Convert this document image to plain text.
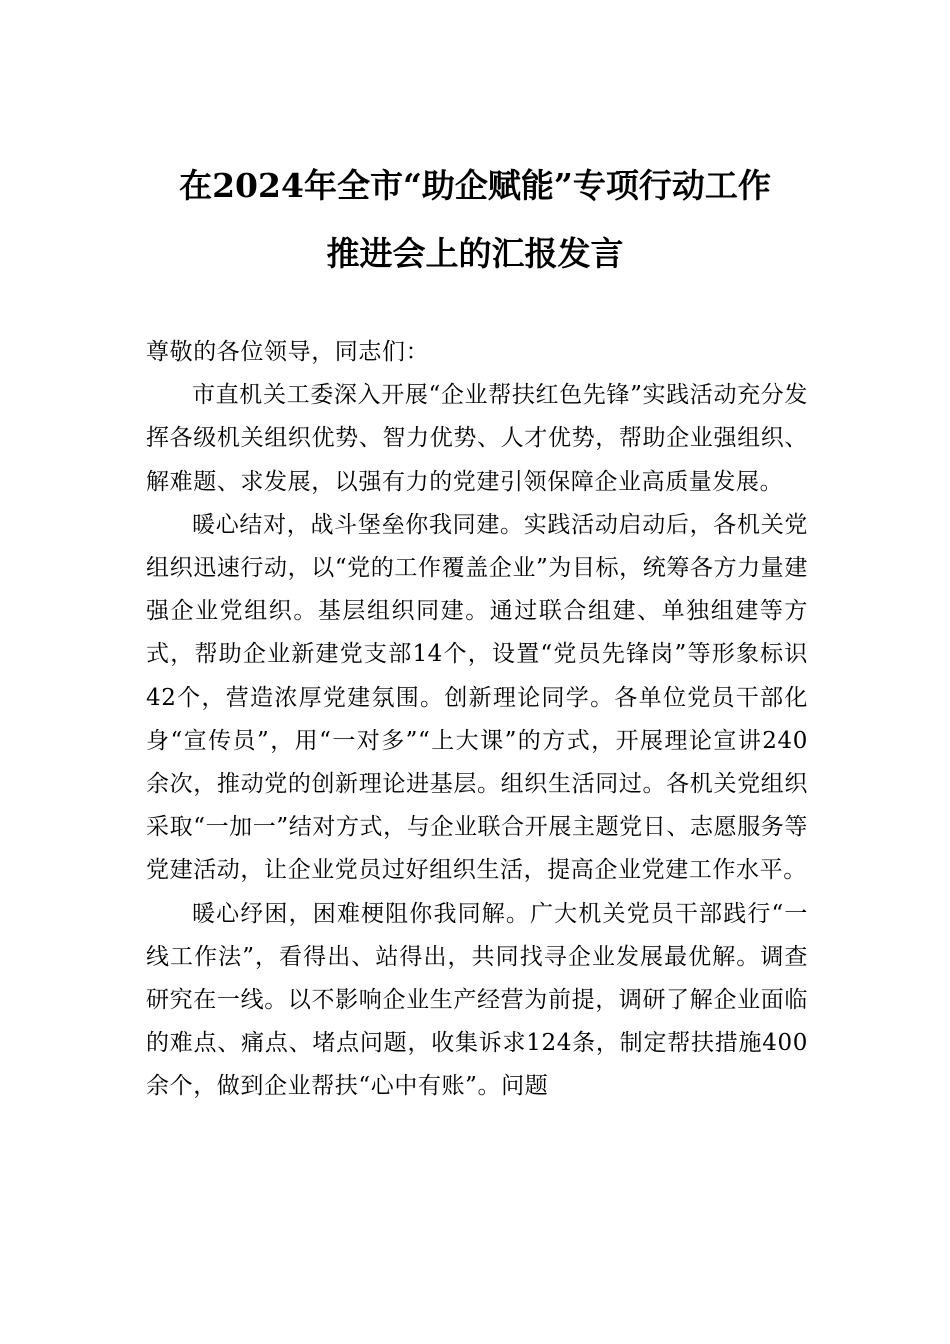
在2024年全市“助企赋能”专项行动工作
推进会上的汇报发言

尊敬的各位领导，同志们：

市直机关工委深入开展“企业帮扶红色先锋”实践活动充分发挥各级机关组织优势、智力优势、人才优势，帮助企业强组织、解难题、求发展，以强有力的党建引领保障企业高质量发展。

暖心结对，战斗堡垒你我同建。实践活动启动后，各机关党组织迅速行动，以“党的工作覆盖企业”为目标，统筹各方力量建强企业党组织。基层组织同建。通过联合组建、单独组建等方式，帮助企业新建党支部14个，设置“党员先锋岗”等形象标识42个，营造浓厚党建氛围。创新理论同学。各单位党员干部化身“宣传员”，用“一对多”“上大课”的方式，开展理论宣讲240余次，推动党的创新理论进基层。组织生活同过。各机关党组织采取“一加一”结对方式，与企业联合开展主题党日、志愿服务等党建活动，让企业党员过好组织生活，提高企业党建工作水平。

暖心纾困，困难梗阻你我同解。广大机关党员干部践行“一线工作法”，看得出、站得出，共同找寻企业发展最优解。调查研究在一线。以不影响企业生产经营为前提，调研了解企业面临的难点、痛点、堵点问题，收集诉求124条，制定帮扶措施400余个，做到企业帮扶“心中有账”。问题
